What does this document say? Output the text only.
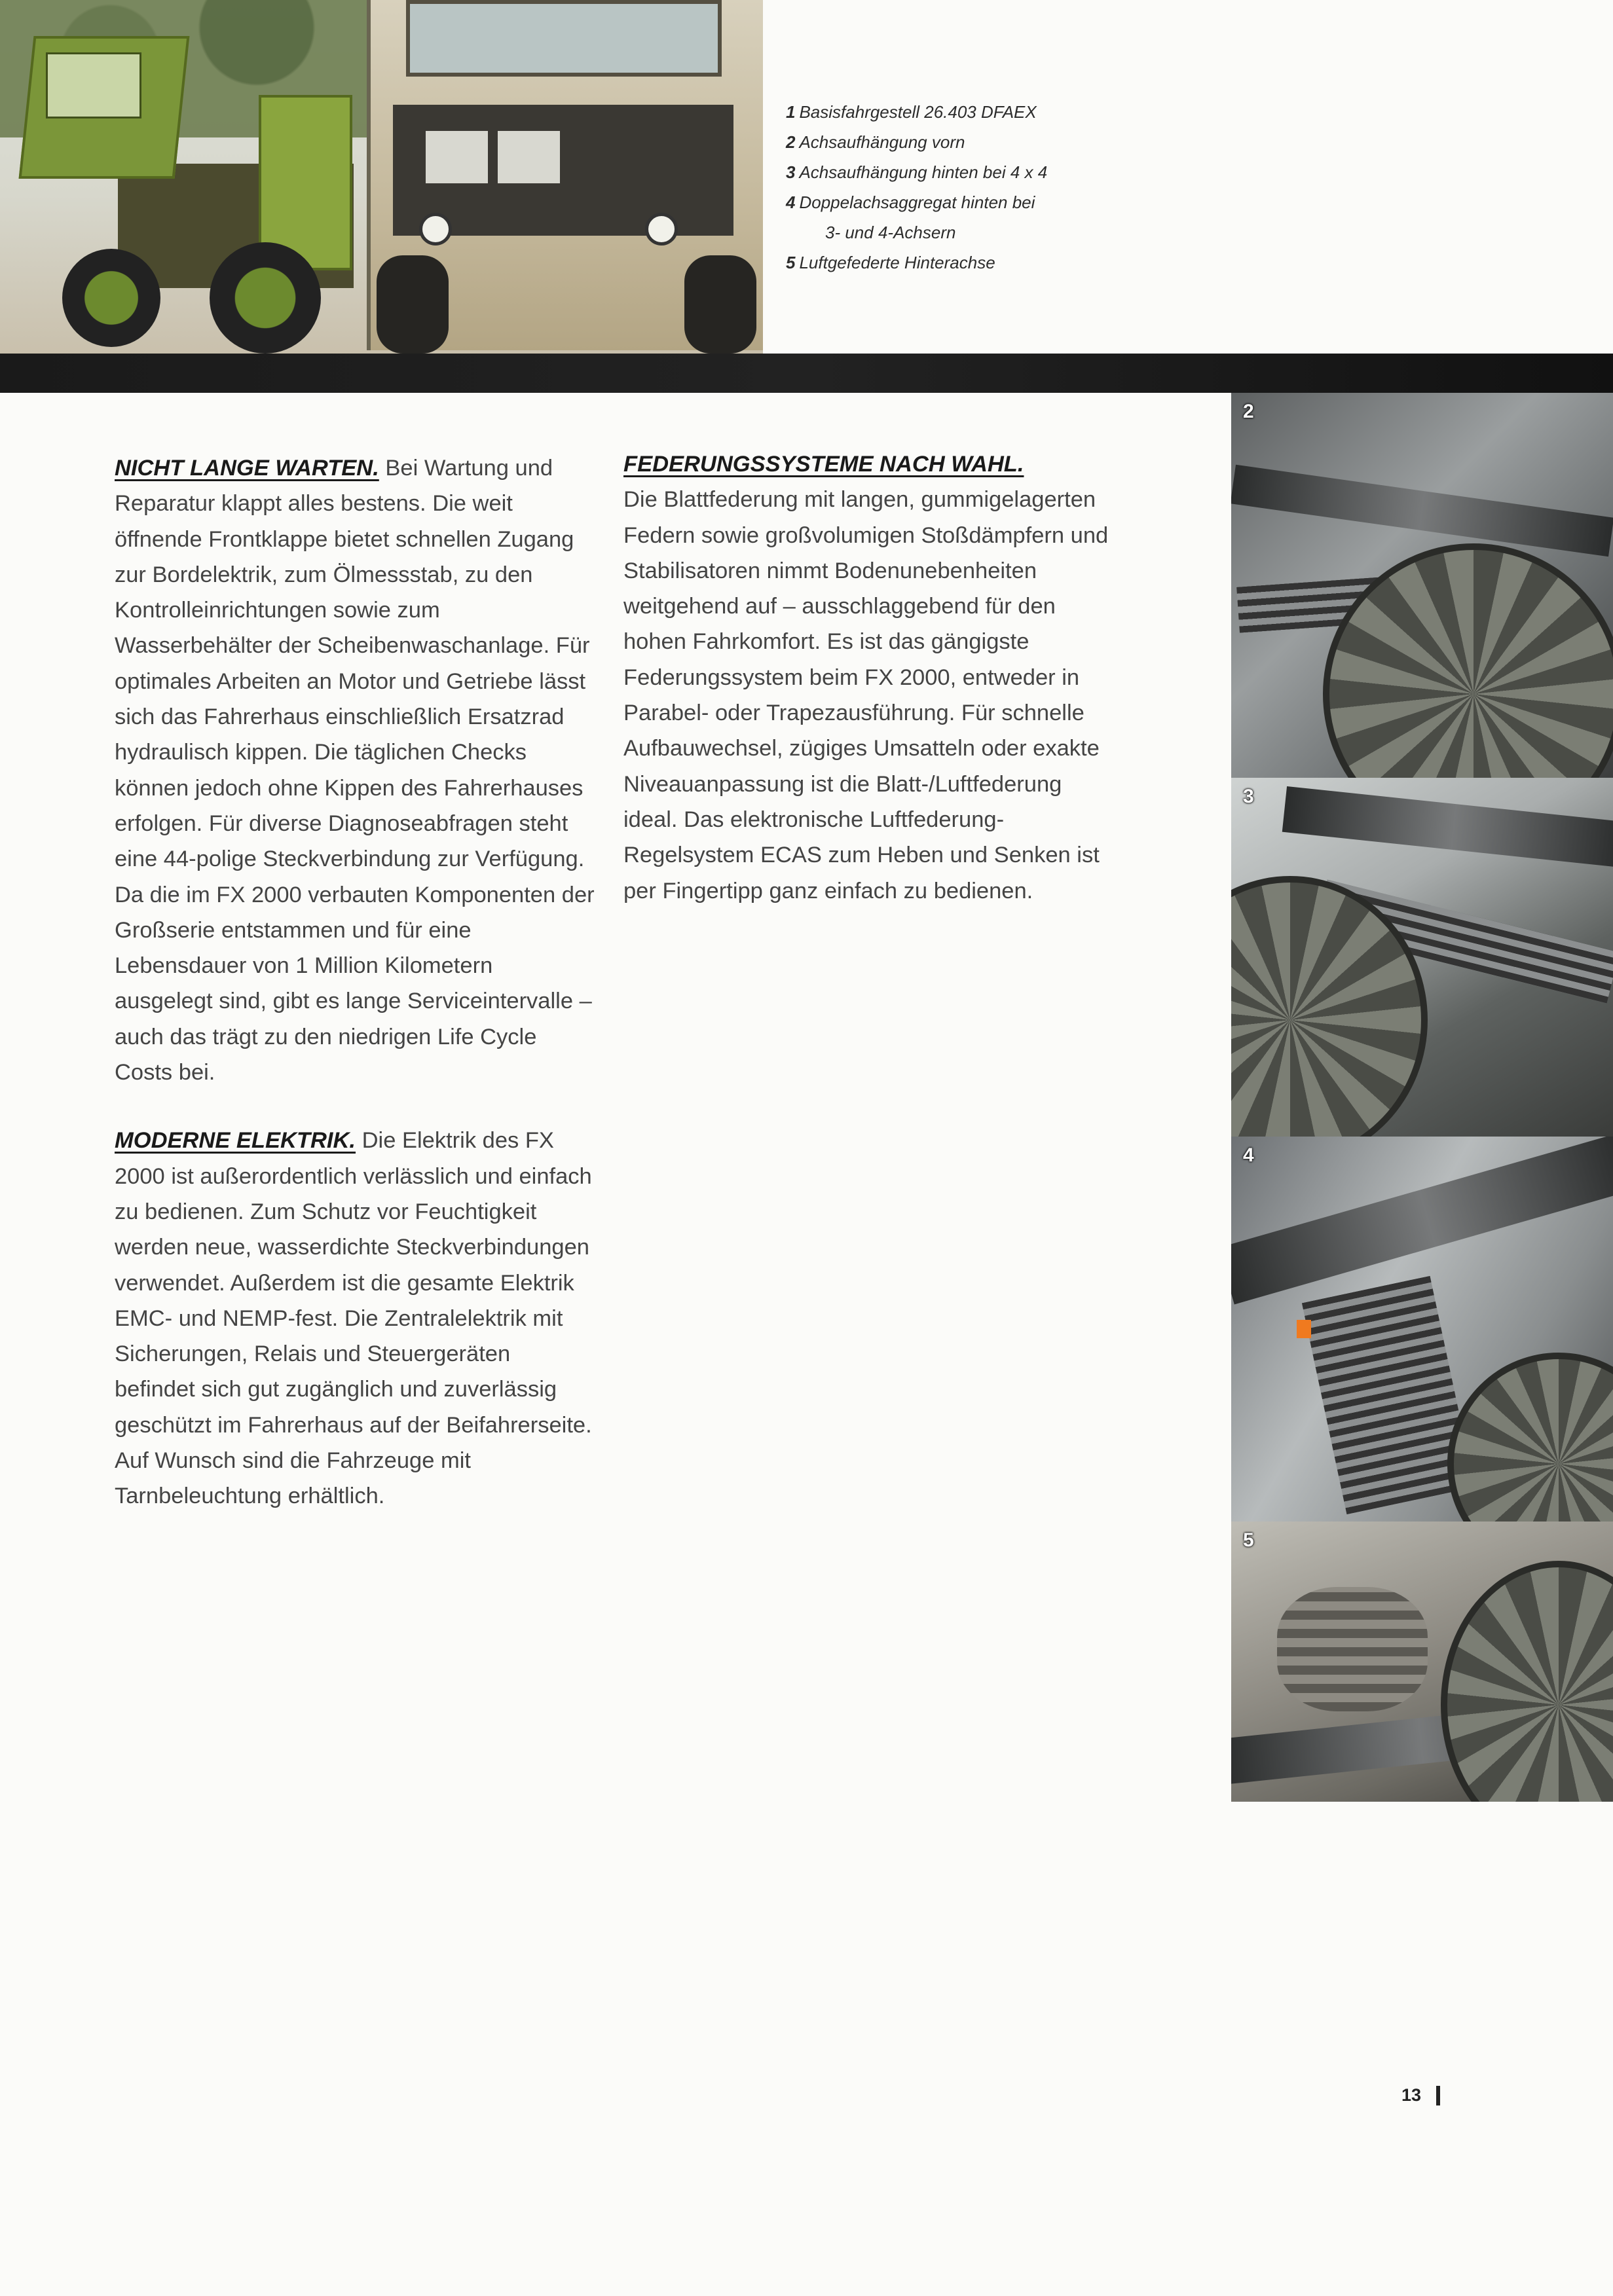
1 Basisfahrgestell 26.403 DFAEX
2 Achsaufhängung vorn
3 Achsaufhängung hinten bei 4 x 4
4 Doppelachsaggregat hinten bei
3- und 4-Achsern
5 Luftgefederte Hinterachse

NICHT LANGE WARTEN. Bei Wartung und Reparatur klappt alles bestens. Die weit öffnende Frontklappe bietet schnellen Zugang zur Bordelektrik, zum Ölmessstab, zu den Kontrolleinrichtungen sowie zum Wasserbehälter der Scheibenwaschanlage. Für optimales Arbeiten an Motor und Getriebe lässt sich das Fahrerhaus einschließlich Ersatzrad hydraulisch kippen. Die täglichen Checks können jedoch ohne Kippen des Fahrerhauses erfolgen. Für diverse Diagnoseabfragen steht eine 44-polige Steckverbindung zur Verfügung. Da die im FX 2000 verbauten Komponenten der Großserie entstammen und für eine Lebensdauer von 1 Million Kilometern ausgelegt sind, gibt es lange Serviceintervalle – auch das trägt zu den niedrigen Life Cycle Costs bei.

MODERNE ELEKTRIK. Die Elektrik des FX 2000 ist außerordentlich verlässlich und einfach zu bedienen. Zum Schutz vor Feuchtigkeit werden neue, wasserdichte Steckverbindungen verwendet. Außerdem ist die gesamte Elektrik EMC- und NEMP-fest. Die Zentralelektrik mit Sicherungen, Relais und Steuergeräten befindet sich gut zugänglich und zuverlässig geschützt im Fahrerhaus auf der Beifahrerseite. Auf Wunsch sind die Fahrzeuge mit Tarnbeleuchtung erhältlich.

FEDERUNGSSYSTEME NACH WAHL.
Die Blattfederung mit langen, gummigelagerten Federn sowie großvolumigen Stoßdämpfern und Stabilisatoren nimmt Bodenunebenheiten weitgehend auf – ausschlaggebend für den hohen Fahrkomfort. Es ist das gängigste Federungssystem beim FX 2000, entweder in Parabel- oder Trapezausführung. Für schnelle Aufbauwechsel, zügiges Umsatteln oder exakte Niveauanpassung ist die Blatt-/Luftfederung ideal. Das elektronische Luftfederung-Regelsystem ECAS zum Heben und Senken ist per Fingertipp ganz einfach zu bedienen.

2
3
4
5
13
